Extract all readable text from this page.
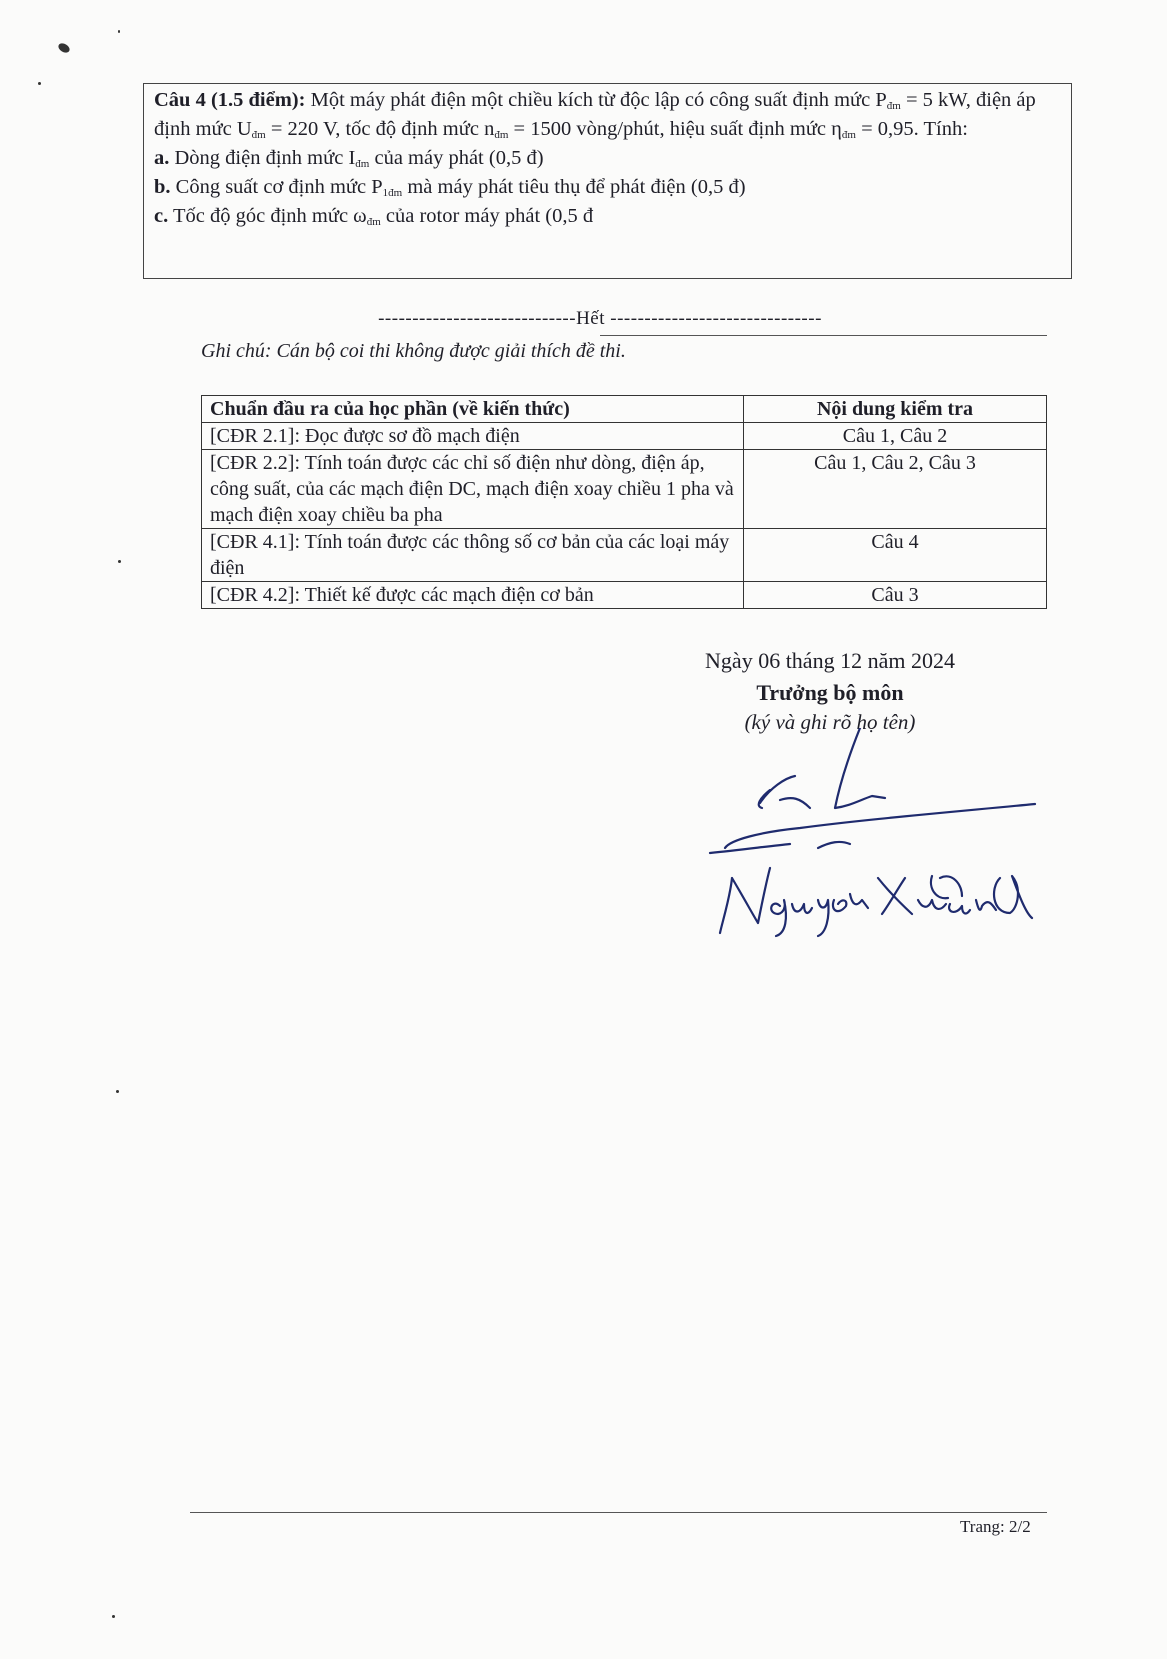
Câu 4 (1.5 điểm): Một máy phát điện một chiều kích từ độc lập có công suất định mức $P_{đm} = 5$ kW, điện áp định mức $U_{đm} = 220$ V, tốc độ định mức $n_{đm} = 1500$ vòng/phút, hiệu suất định mức $\eta_{đm} = 0,95$. Tính:

a. Dòng điện định mức $I_{đm}$ của máy phát (0,5 đ)

b. Công suất cơ định mức $P_{1đm}$ mà máy phát tiêu thụ để phát điện (0,5 đ)

c. Tốc độ góc định mức $\omega_{đm}$ của rotor máy phát (0,5 đ

-----------------------------Hết -------------------------------
Ghi chú: Cán bộ coi thi không được giải thích đề thi.
Chuẩn đầu ra của học phần (về kiến thức)	Nội dung kiểm tra
[CĐR 2.1]: Đọc được sơ đồ mạch điện	Câu 1, Câu 2
[CĐR 2.2]: Tính toán được các chỉ số điện như dòng, điện áp, công suất, của các mạch điện DC, mạch điện xoay chiều 1 pha và mạch điện xoay chiều ba pha	Câu 1, Câu 2, Câu 3
[CĐR 4.1]: Tính toán được các thông số cơ bản của các loại máy điện	Câu 4
[CĐR 4.2]: Thiết kế được các mạch điện cơ bản	Câu 3
Ngày 06 tháng 12 năm 2024
Trưởng bộ môn
(ký và ghi rõ họ tên)
Trang: 2/2
